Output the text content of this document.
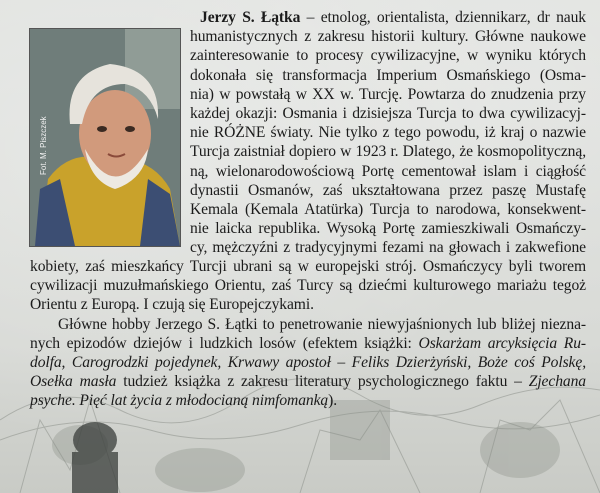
Fot. M. Piszczek
Jerzy S. Łątka – etnolog, orientalista, dziennikarz, dr nauk
humanistycznych z zakresu historii kultury. Główne naukowe
zainteresowanie to procesy cywilizacyjne, w wyniku których
dokonała się transformacja Imperium Osmańskiego (Osma-
nia) w powstałą w XX w. Turcję. Powtarza do znudzenia przy
każdej okazji: Osmania i dzisiejsza Turcja to dwa cywilizacyj-
nie RÓŻNE światy. Nie tylko z tego powodu, iż kraj o nazwie
Turcja zaistniał dopiero w 1923 r. Dlatego, że kosmopolityczną,
ną, wielonarodowościową Portę cementował islam i ciągłość
dynastii Osmanów, zaś ukształtowana przez paszę Mustafę
Kemala (Kemala Atatürka) Turcja to narodowa, konsekwent-
nie laicka republika. Wysoką Portę zamieszkiwali Osmańczy-
cy, mężczyźni z tradycyjnymi fezami na głowach i zakwefione
kobiety, zaś mieszkańcy Turcji ubrani są w europejski strój. Osmańczycy byli tworem
cywilizacji muzułmańskiego Orientu, zaś Turcy są dziećmi kulturowego mariażu tegoż
Orientu z Europą. I czują się Europejczykami.
Główne hobby Jerzego S. Łątki to penetrowanie niewyjaśnionych lub bliżej niezna-
nych epizodów dziejów i ludzkich losów (efektem książki: Oskarżam arcyksięcia Ru-
dolfa, Carogrodzki pojedynek, Krwawy apostoł – Feliks Dzierżyński, Boże coś Polskę,
Osełka masła tudzież książka z zakresu literatury psychologicznego faktu – Zjechana
psyche. Pięć lat życia z młodocianą nimfomanką).
